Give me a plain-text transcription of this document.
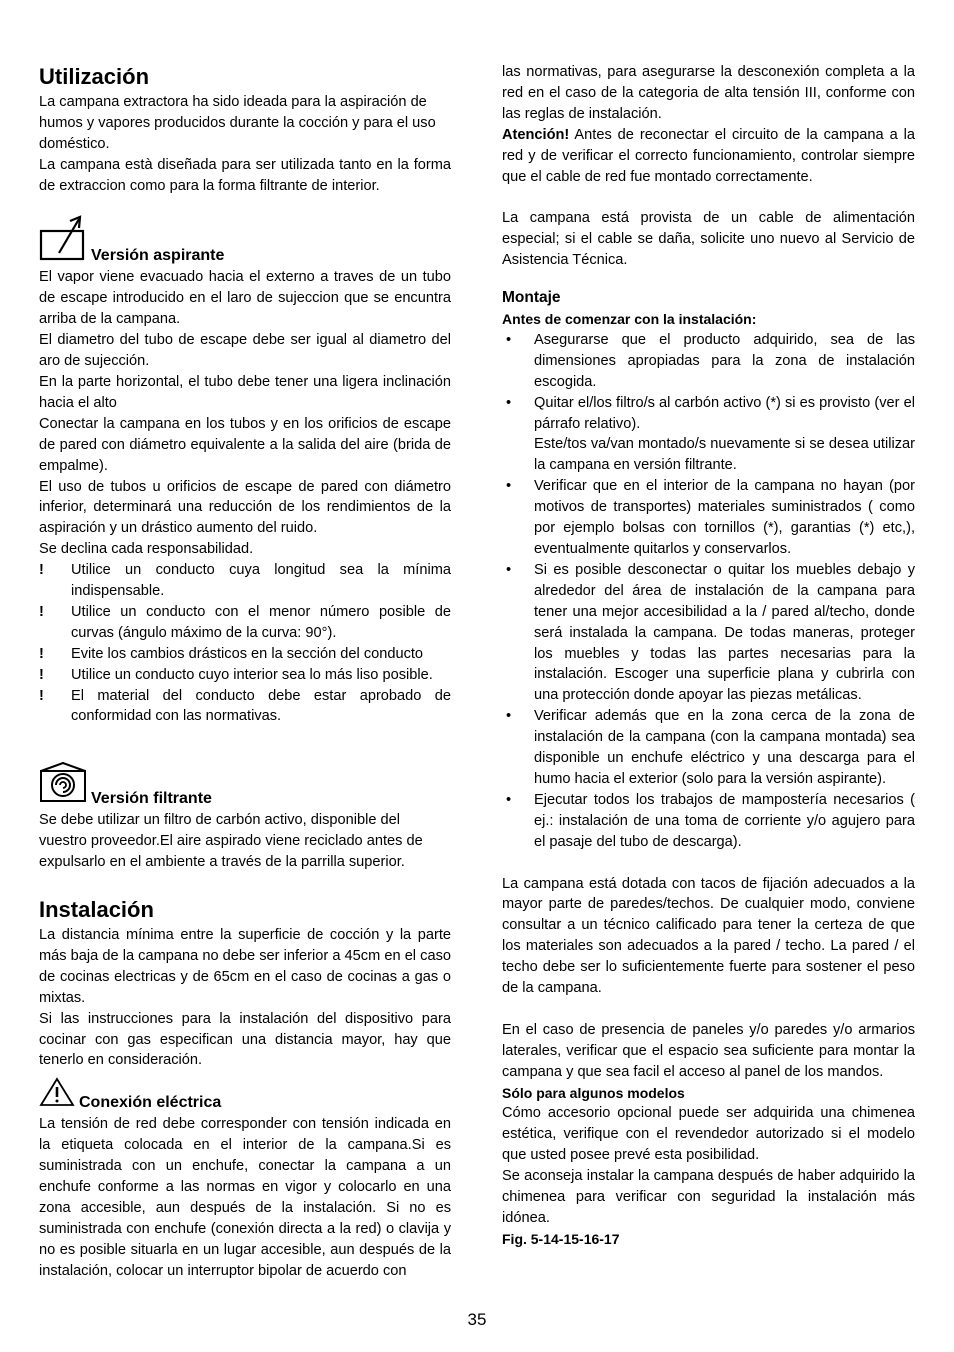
Utilización

La campana extractora ha sido ideada para la aspiración de humos y vapores producidos durante la cocción y para el uso doméstico.

La campana està diseñada para ser utilizada tanto en la forma de extraccion como para la forma filtrante de interior.

Versión aspirante

El vapor viene evacuado hacia el externo a traves de un tubo de escape introducido en el laro de sujeccion que se encuntra arriba de la campana.

El diametro del tubo de escape debe ser igual al diametro del aro de sujección.

En la parte horizontal, el tubo debe tener una ligera inclinación hacia el alto

Conectar la campana en los tubos y en los orificios de escape de pared con diámetro equivalente a la salida del aire (brida de empalme).

El uso de tubos u orificios de escape de pared con diámetro inferior, determinará una reducción de los rendimientos de la aspiración y un drástico aumento del ruido.

Se declina cada responsabilidad.

! Utilice un conducto cuya longitud sea la mínima indispensable.
! Utilice un conducto con el menor número posible de curvas (ángulo máximo de la curva: 90°).
! Evite los cambios drásticos en la sección del conducto
! Utilice un conducto cuyo interior sea lo más liso posible.
! El material del conducto debe estar aprobado de conformidad con las normativas.
Versión filtrante

Se debe utilizar un filtro de carbón activo, disponible del vuestro proveedor.El aire aspirado viene reciclado antes de expulsarlo en el ambiente a través de la parrilla superior.

Instalación

La distancia mínima entre la superficie de cocción y la parte más baja de la campana no debe ser inferior a 45cm en el caso de cocinas electricas y de 65cm en el caso de cocinas a gas o mixtas.

Si las instrucciones para la instalación del dispositivo para cocinar con gas especifican una distancia mayor, hay que tenerlo en consideración.

Conexión eléctrica

La tensión de red debe corresponder con tensión indicada en la etiqueta colocada en el interior de la campana.Si es suministrada con un enchufe, conectar la campana a un enchufe conforme a las normas en vigor y colocarlo en una zona accesible, aun después de la instalación. Si no es suministrada con enchufe (conexión directa a la red) o clavija y no es posible situarla en un lugar accesible, aun después de la instalación, colocar un interruptor bipolar de acuerdo con

las normativas, para asegurarse la desconexión completa a la red en el caso de la categoria de alta tensión III, conforme con las reglas de instalación.

Atención! Antes de reconectar el circuito de la campana a la red y de verificar el correcto funcionamiento, controlar siempre que el cable de red fue montado correctamente.

La campana está provista de un cable de alimentación especial; si el cable se daña, solicite uno nuevo al Servicio de Asistencia Técnica.

Montaje
Antes de comenzar con la instalación:
• Asegurarse que el producto adquirido, sea de las dimensiones apropiadas para la zona de instalación escogida.
• Quitar el/los filtro/s al carbón activo (*) si es provisto (ver el párrafo relativo).
Este/tos va/van montado/s nuevamente si se desea utilizar la campana en versión filtrante.
• Verificar que en el interior de la campana no hayan (por motivos de transportes) materiales suministrados ( como por ejemplo bolsas con tornillos (*), garantias (*) etc,), eventualmente quitarlos y conservarlos.
• Si es posible desconectar o quitar los muebles debajo y alrededor del área de instalación de la campana para tener una mejor accesibilidad a la / pared al/techo, donde será instalada la campana. De todas maneras, proteger los muebles y todas las partes necesarias para la instalación. Escoger una superficie plana y cubrirla con una protección donde apoyar las piezas metálicas.
• Verificar además que en la zona cerca de la zona de instalación de la campana (con la campana montada) sea disponible un enchufe eléctrico y una descarga para el humo hacia el exterior (solo para la versión aspirante).
• Ejecutar todos los trabajos de mampostería necesarios ( ej.: instalación de una toma de corriente y/o agujero para el pasaje del tubo de descarga).

La campana está dotada con tacos de fijación adecuados a la mayor parte de paredes/techos. De cualquier modo, conviene consultar a un técnico calificado para tener la certeza de que los materiales son adecuados a la pared / techo. La pared / el techo debe ser lo suficientemente fuerte para sostener el peso de la campana.

En el caso de presencia de paneles y/o paredes y/o armarios laterales, verificar que el espacio sea suficiente para montar la campana y que sea facil el acceso al panel de los mandos.

Sólo para algunos modelos

Cómo accesorio opcional puede ser adquirida una chimenea estética, verifique con el revendedor autorizado si el modelo que usted posee prevé esta posibilidad.

Se aconseja instalar la campana después de haber adquirido la chimenea para verificar con seguridad la instalación más idónea.

Fig. 5-14-15-16-17
35
